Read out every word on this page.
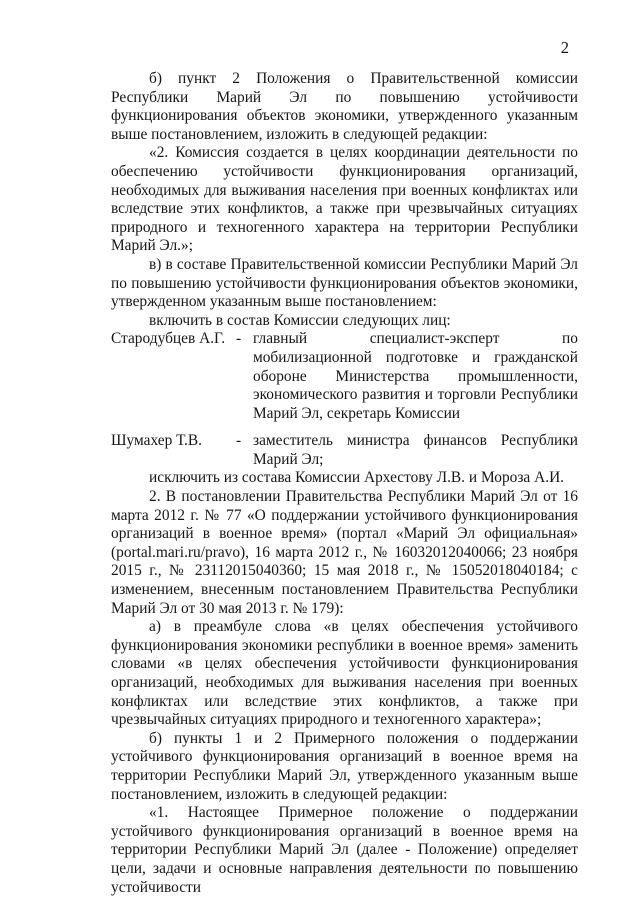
2

б) пункт 2 Положения о Правительственной комиссии Республики Марий Эл по повышению устойчивости функционирования объектов экономики, утвержденного указанным выше постановлением, изложить в следующей редакции:

«2. Комиссия создается в целях координации деятельности по обеспечению устойчивости функционирования организаций, необходимых для выживания населения при военных конфликтах или вследствие этих конфликтов, а также при чрезвычайных ситуациях природного и техногенного характера на территории Республики Марий Эл.»;

в) в составе Правительственной комиссии Республики Марий Эл по повышению устойчивости функционирования объектов экономики, утвержденном указанным выше постановлением:

включить в состав Комиссии следующих лиц:

Стародубцев А.Г. - главный специалист-эксперт по мобилизационной подготовке и гражданской обороне Министерства промышленности, экономического развития и торговли Республики Марий Эл, секретарь Комиссии
Шумахер Т.В.	- заместитель министра финансов Республики Марий Эл;

исключить из состава Комиссии Архестову Л.В. и Мороза А.И.

2. В постановлении Правительства Республики Марий Эл от 16 марта 2012 г. № 77 «О поддержании устойчивого функционирования организаций в военное время» (портал «Марий Эл официальная» (portal.mari.ru/pravo), 16 марта 2012 г., № 16032012040066; 23 ноября 2015 г., № 23112015040360; 15 мая 2018 г., № 15052018040184; с изменением, внесенным постановлением Правительства Республики Марий Эл от 30 мая 2013 г. № 179):

а) в преамбуле слова «в целях обеспечения устойчивого функционирования экономики республики в военное время» заменить словами «в целях обеспечения устойчивости функционирования организаций, необходимых для выживания населения при военных конфликтах или вследствие этих конфликтов, а также при чрезвычайных ситуациях природного и техногенного характера»;

б) пункты 1 и 2 Примерного положения о поддержании устойчивого функционирования организаций в военное время на территории Республики Марий Эл, утвержденного указанным выше постановлением, изложить в следующей редакции:

«1. Настоящее Примерное положение о поддержании устойчивого функционирования организаций в военное время на территории Республики Марий Эл (далее - Положение) определяет цели, задачи и основные направления деятельности по повышению устойчивости
